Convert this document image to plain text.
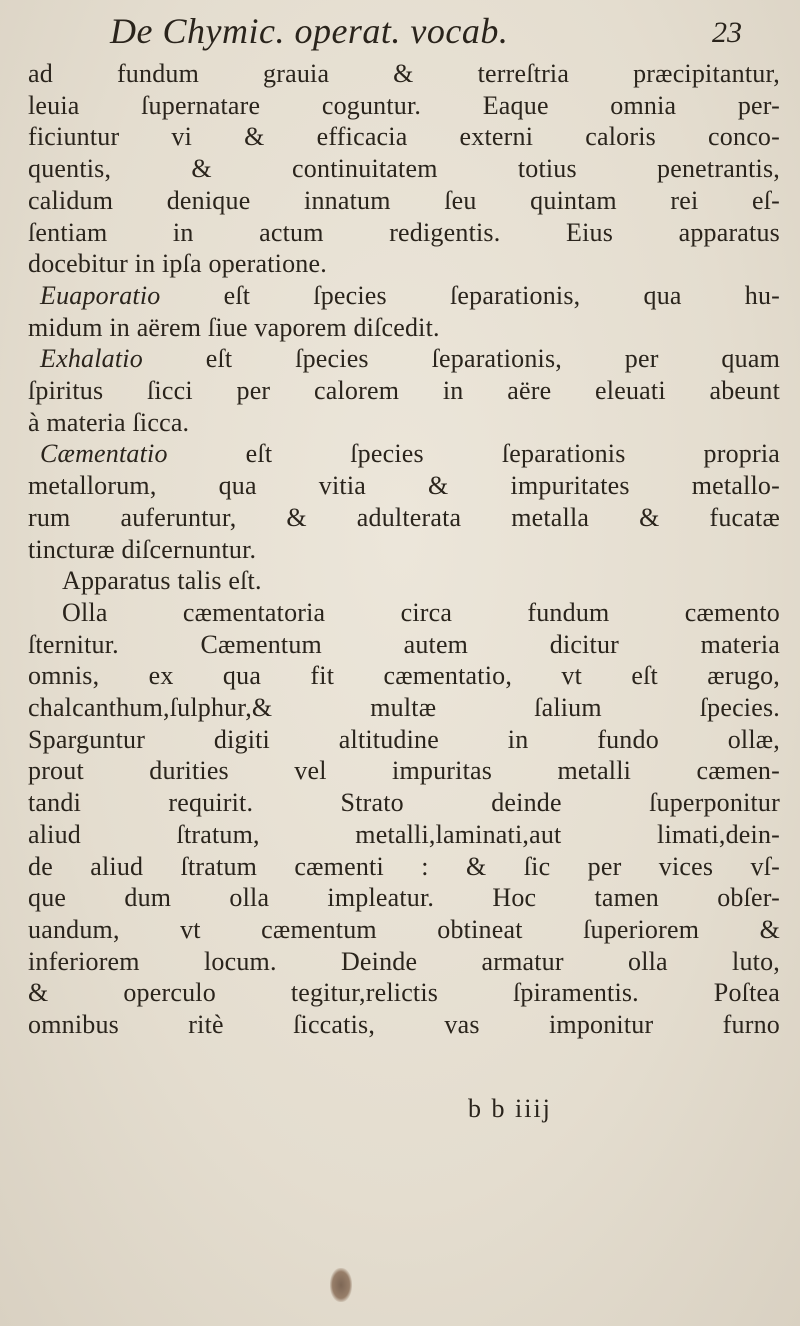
De Chymic. operat. vocab.	23
ad fundum grauia & terreſtria præcipitantur,
leuia ſupernatare coguntur. Eaque omnia per-
ficiuntur vi & efficacia externi caloris conco-
quentis, & continuitatem totius penetrantis,
calidum denique innatum ſeu quintam rei eſ-
ſentiam in actum redigentis. Eius apparatus
docebitur in ipſa operatione.
Euaporatio eſt ſpecies ſeparationis, qua hu-
midum in aërem ſiue vaporem diſcedit.
Exhalatio eſt ſpecies ſeparationis, per quam
ſpiritus ſicci per calorem in aëre eleuati abeunt
à materia ſicca.
Cæmentatio	eſt ſpecies ſeparationis propria
metallorum, qua vitia & impuritates metallo-
rum auferuntur, & adulterata metalla & fucatæ
tincturæ diſcernuntur.
Apparatus talis eſt.
Olla cæmentatoria circa fundum cæmento
ſternitur. Cæmentum autem dicitur materia
omnis, ex qua fit cæmentatio, vt eſt ærugo,
chalcanthum,ſulphur,& multæ ſalium ſpecies.
Sparguntur digiti altitudine in fundo ollæ,
prout durities vel impuritas metalli cæmen-
tandi requirit. Strato deinde ſuperponitur
aliud ſtratum, metalli,laminati,aut limati,dein-
de aliud ſtratum cæmenti : & ſic per vices vſ-
que dum olla impleatur. Hoc tamen obſer-
uandum, vt cæmentum obtineat ſuperiorem &
inferiorem locum. Deinde armatur olla luto,
& operculo tegitur,relictis ſpiramentis. Poſtea
omnibus ritè ſiccatis, vas imponitur furno
b b iiij
